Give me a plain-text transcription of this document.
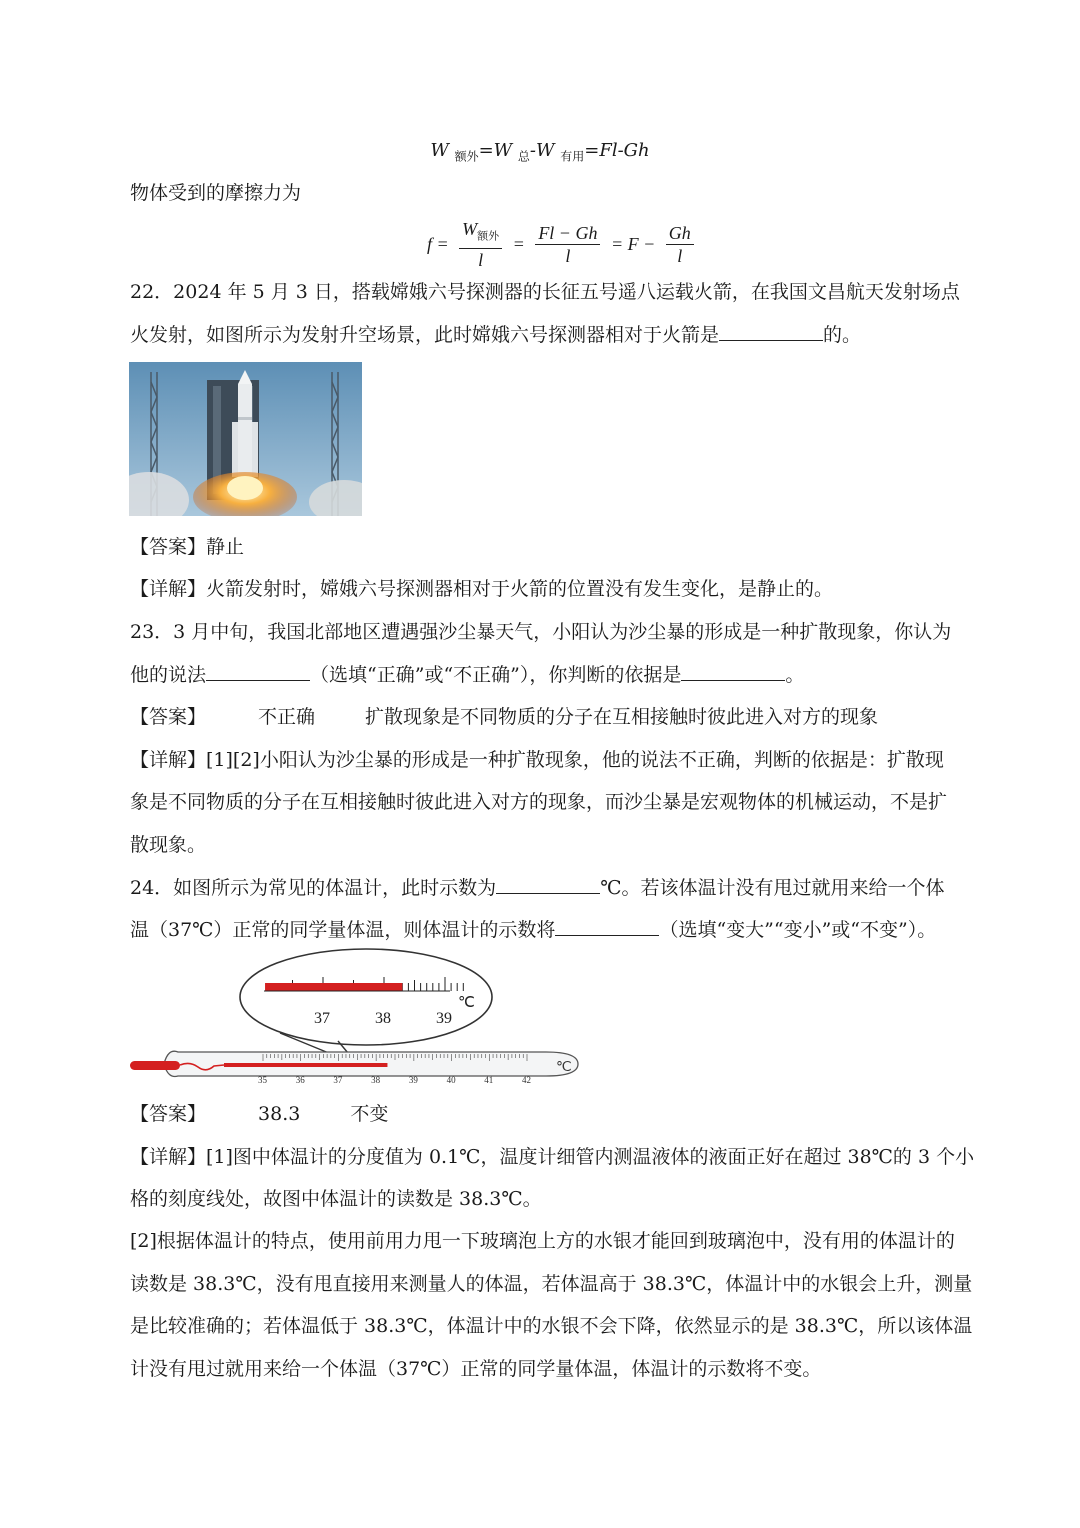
W $_{额外}$=W $_总$-W $_{有用}$=Fl-Gh
物体受到的摩擦力为
$f = \frac{W_{额外}}{l} = \frac{Fl - Gh}{l} = F - \frac{Gh}{l}$
22．2024 年 5 月 3 日，搭载嫦娥六号探测器的长征五号遥八运载火箭，在我国文昌航天发射场点
火发射，如图所示为发射升空场景，此时嫦娥六号探测器相对于火箭是	的。
【答案】静止
【详解】火箭发射时，嫦娥六号探测器相对于火箭的位置没有发生变化，是静止的。
23．3 月中旬，我国北部地区遭遇强沙尘暴天气，小阳认为沙尘暴的形成是一种扩散现象，你认为
他的说法	（选填“正确”或“不正确”），你判断的依据是	。
【答案】	不正确	扩散现象是不同物质的分子在互相接触时彼此进入对方的现象
【详解】[1][2]小阳认为沙尘暴的形成是一种扩散现象，他的说法不正确，判断的依据是：扩散现
象是不同物质的分子在互相接触时彼此进入对方的现象，而沙尘暴是宏观物体的机械运动，不是扩
散现象。
24．如图所示为常见的体温计，此时示数为	℃。若该体温计没有甩过就用来给一个体
温（37℃）正常的同学量体温，则体温计的示数将	（选填“变大”“变小”或“不变”）。
37	38	39
℃
35	36	37	38	39	40	41	42
℃
【答案】	38.3	不变
【详解】[1]图中体温计的分度值为 0.1℃，温度计细管内测温液体的液面正好在超过 38℃的 3 个小
格的刻度线处，故图中体温计的读数是 38.3℃。
[2]根据体温计的特点，使用前用力甩一下玻璃泡上方的水银才能回到玻璃泡中，没有用的体温计的
读数是 38.3℃，没有甩直接用来测量人的体温，若体温高于 38.3℃，体温计中的水银会上升，测量
是比较准确的；若体温低于 38.3℃，体温计中的水银不会下降，依然显示的是 38.3℃，所以该体温
计没有甩过就用来给一个体温（37℃）正常的同学量体温，体温计的示数将不变。
